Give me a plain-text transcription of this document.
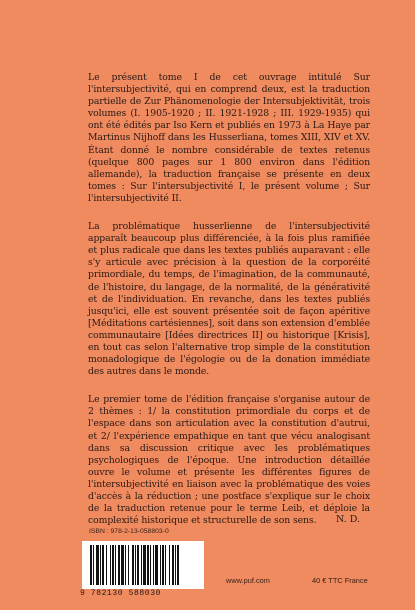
Le présent tome I de cet ouvrage intitulé Sur l'intersubjectivité, qui en comprend deux, est la traduction partielle de Zur Phänomenologie der Intersubjektivität, trois volumes (I. 1905-1920 ; II. 1921-1928 ; III. 1929-1935) qui ont été édités par Iso Kern et publiés en 1973 à La Haye par Martinus Nijhoff dans les Husserliana, tomes XIII, XIV et XV. Étant donné le nombre considérable de textes retenus (quelque 800 pages sur 1 800 environ dans l'édition allemande), la traduction française se présente en deux tomes : Sur l'intersubjectivité I, le présent volume ; Sur l'intersubjectivité II.

La problématique husserlienne de l'intersubjectivité apparaît beaucoup plus différenciée, à la fois plus ramifiée et plus radicale que dans les textes publiés auparavant : elle s'y articule avec précision à la question de la corporéité primordiale, du temps, de l'imagination, de la communauté, de l'histoire, du langage, de la normalité, de la générativité et de l'individuation. En revanche, dans les textes publiés jusqu'ici, elle est souvent présentée soit de façon apéritive [Méditations cartésiennes], soit dans son extension d'emblée communautaire [Idées directrices II] ou historique [Krisis], en tout cas selon l'alternative trop simple de la constitution monadologique de l'égologie ou de la donation immédiate des autres dans le monde.

Le premier tome de l'édition française s'organise autour de 2 thèmes : 1/ la constitution primordiale du corps et de l'espace dans son articulation avec la constitution d'autrui, et 2/ l'expérience empathique en tant que vécu analogisant dans sa discussion critique avec les problématiques psychologiques de l'époque. Une introduction détaillée ouvre le volume et présente les différentes figures de l'intersubjectivité en liaison avec la problématique des voies d'accès à la réduction ; une postface s'explique sur le choix de la traduction retenue pour le terme Leib, et déploie la complexité historique et structurelle de son sens.	N. D.
ISBN : 978-2-13-058803-0
9 782130 588030
www.puf.com	40 € TTC France
